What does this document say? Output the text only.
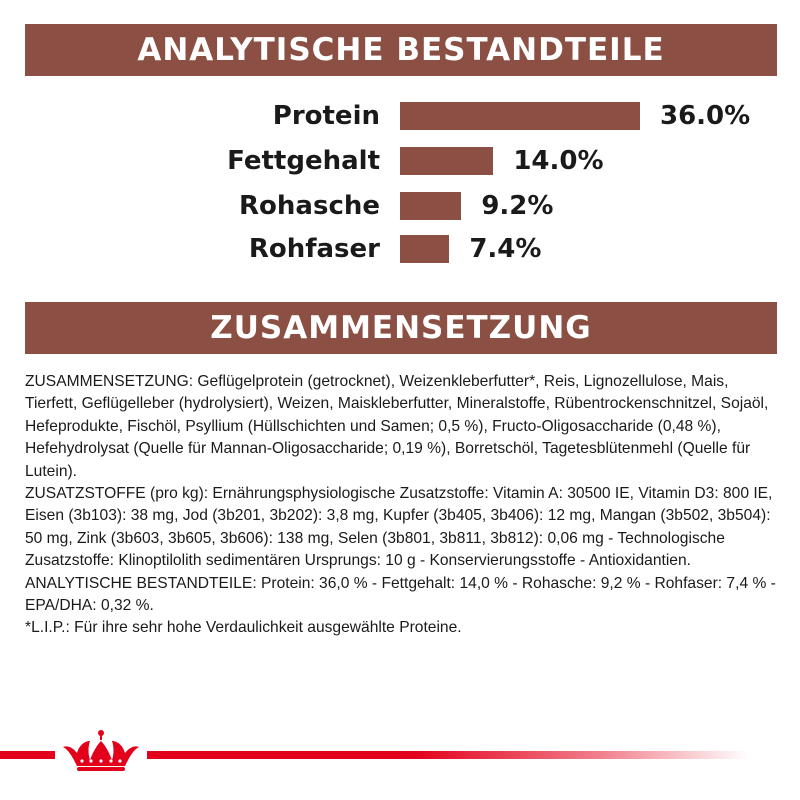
ANALYTISCHE BESTANDTEILE
Protein	36.0%
Fettgehalt	14.0%
Rohasche	9.2%
Rohfaser	7.4%
ZUSAMMENSETZUNG

ZUSAMMENSETZUNG: Geflügelprotein (getrocknet), Weizenkleberfutter*, Reis, Lignozellulose, Mais, Tierfett, Geflügelleber (hydrolysiert), Weizen, Maiskleberfutter, Mineralstoffe, Rübentrockenschnitzel, Sojaöl, Hefeprodukte, Fischöl, Psyllium (Hüllschichten und Samen; 0,5 %), Fructo-Oligosaccharide (0,48 %), Hefehydrolysat (Quelle für Mannan-Oligosaccharide; 0,19 %), Borretschöl, Tagetesblütenmehl (Quelle für Lutein).

ZUSATZSTOFFE (pro kg): Ernährungsphysiologische Zusatzstoffe: Vitamin A: 30500 IE, Vitamin D3: 800 IE, Eisen (3b103): 38 mg, Jod (3b201, 3b202): 3,8 mg, Kupfer (3b405, 3b406): 12 mg, Mangan (3b502, 3b504): 50 mg, Zink (3b603, 3b605, 3b606): 138 mg, Selen (3b801, 3b811, 3b812): 0,06 mg - Technologische Zusatzstoffe: Klinoptilolith sedimentären Ursprungs: 10 g - Konservierungsstoffe - Antioxidantien.

ANALYTISCHE BESTANDTEILE: Protein: 36,0 % - Fettgehalt: 14,0 % - Rohasche: 9,2 % - Rohfaser: 7,4 % - EPA/DHA: 0,32 %.

*L.I.P.: Für ihre sehr hohe Verdaulichkeit ausgewählte Proteine.
